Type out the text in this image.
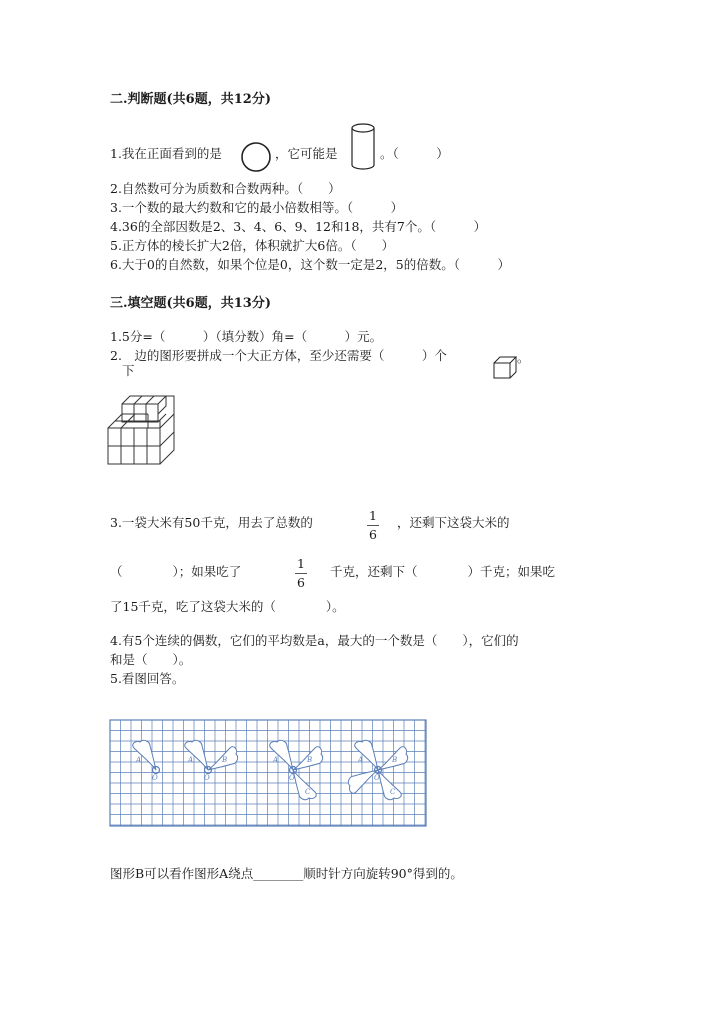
二.判断题(共6题，共12分)
1.我在正面看到的是	，它可能是	。（　　　）
2.自然数可分为质数和合数两种。（　　）
3.一个数的最大约数和它的最小倍数相等。（　　　）
4.36的全部因数是2、3、4、6、9、12和18，共有7个。（　　　）
5.正方体的棱长扩大2倍，体积就扩大6倍。（　　）
6.大于0的自然数，如果个位是0，这个数一定是2，5的倍数。（　　　）
三.填空题(共6题，共13分)
1.5分=（　　　）（填分数）角=（　　　）元。
2.　边的图形要拼成一个大正方体，至少还需要（　　　）个
下
。
3.一袋大米有50千克，用去了总数的	$\frac{1}{6}$ ，还剩下这袋大米的
（　　　　）；如果吃了	$\frac{1}{6}$ 千克，还剩下（　　　　）千克；如果吃
了15千克，吃了这袋大米的（　　　　）。
4.有5个连续的偶数，它们的平均数是a，最大的一个数是（　　），它们的
和是（　　）。
5.看图回答。
A
O
A	B
O
A	B
C
O
A	B
C
O
图形B可以看作图形A绕点________顺时针方向旋转90°得到的。
